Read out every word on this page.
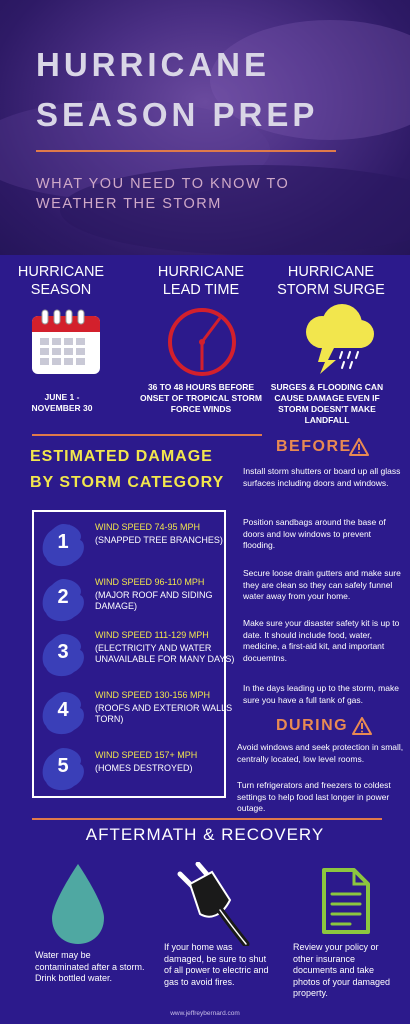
HURRICANE
SEASON PREP
WHAT YOU NEED TO KNOW TO
WEATHER THE STORM
HURRICANE
SEASON
HURRICANE
LEAD TIME
HURRICANE
STORM SURGE
JUNE 1 -
NOVEMBER 30
36 TO 48 HOURS BEFORE ONSET OF TROPICAL STORM FORCE WINDS
SURGES & FLOODING CAN CAUSE DAMAGE EVEN IF STORM DOESN'T MAKE LANDFALL
ESTIMATED DAMAGE
BY STORM CATEGORY
1
WIND SPEED 74-95 MPH
(SNAPPED TREE BRANCHES)
2
WIND SPEED 96-110 MPH
(MAJOR ROOF AND SIDING DAMAGE)
3
WIND SPEED 111-129 MPH
(ELECTRICITY AND WATER UNAVAILABLE FOR MANY DAYS)
4
WIND SPEED 130-156 MPH
(ROOFS AND EXTERIOR WALLS TORN)
5	WIND SPEED 157+ MPH
(HOMES DESTROYED)
BEFORE
Install storm shutters or board up all glass surfaces including doors and windows.
Position sandbags around the base of doors and low windows to prevent flooding.
Secure loose drain gutters and make sure they are clean so they can safely funnel water away from your home.
Make sure your disaster safety kit is up to date. It should include food, water, medicine, a first-aid kit, and important docuemtns.
In the days leading up to the storm, make sure you have a full tank of gas.
DURING
Avoid windows and seek protection in small, centrally located, low level rooms.
Turn refrigerators and freezers to coldest settings to help food last longer in power outage.
AFTERMATH & RECOVERY
Water may be contaminated after a storm. Drink bottled water.
If your home was damaged, be sure to shut of all power to electric and gas to avoid fires.
Review your policy or other insurance documents and take photos of your damaged property.
www.jeffreybernard.com
